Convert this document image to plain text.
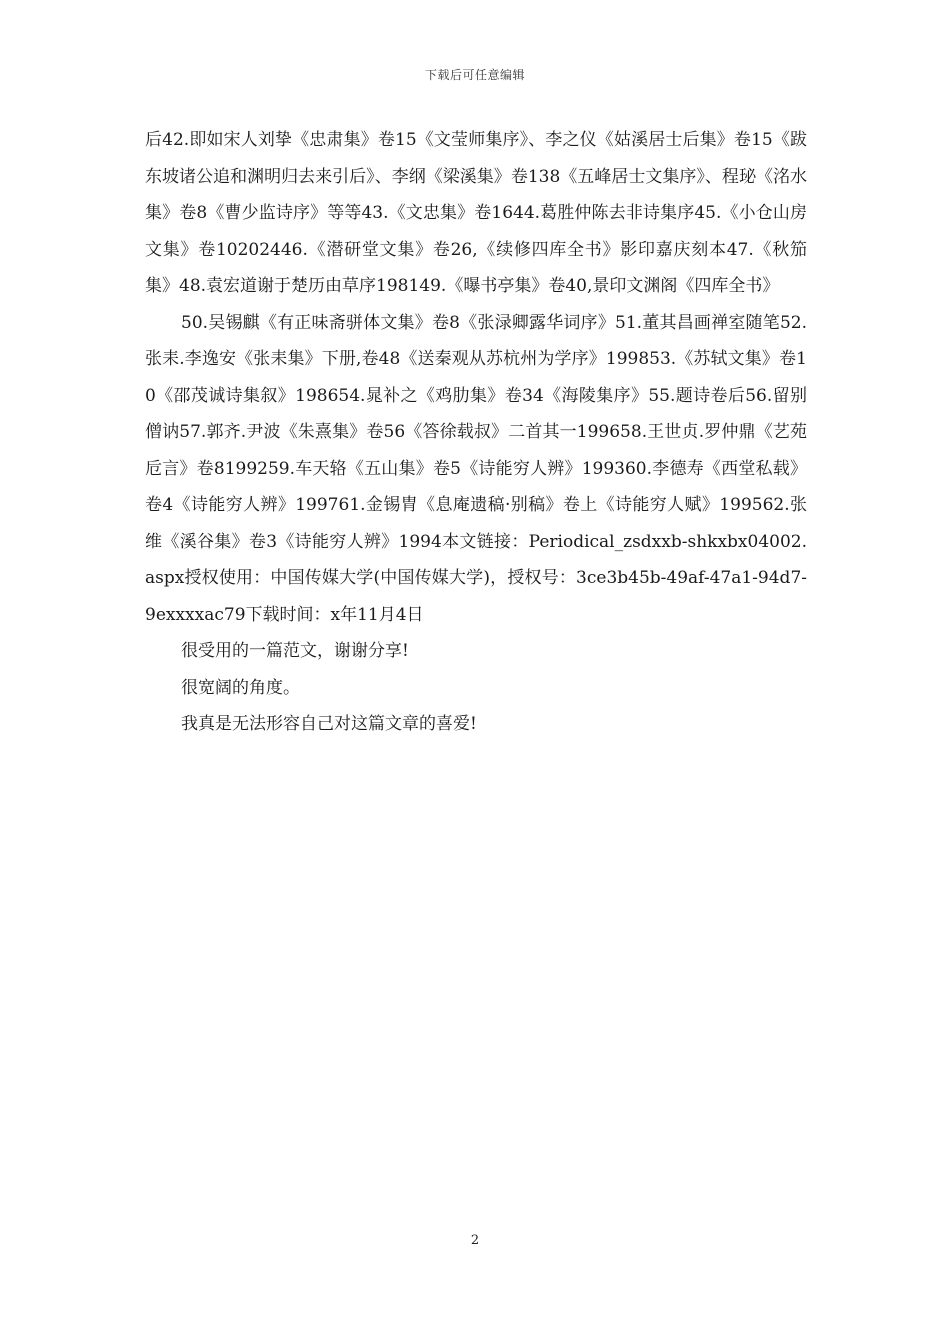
下载后可任意编辑

后42.即如宋人刘挚《忠肃集》卷15《文莹师集序》、李之仪《姑溪居士后集》卷15《跋东坡诸公追和渊明归去来引后》、李纲《梁溪集》卷138《五峰居士文集序》、程珌《洺水集》卷8《曹少监诗序》等等43.《文忠集》卷1644.葛胜仲陈去非诗集序45.《小仓山房文集》卷10202446.《潜研堂文集》卷26,《续修四库全书》影印嘉庆刻本47.《秋笳集》48.袁宏道谢于楚历由草序198149.《曝书亭集》卷40,景印文渊阁《四库全书》

50.吴锡麒《有正味斋骈体文集》卷8《张渌卿露华词序》51.董其昌画禅室随笔52.张耒.李逸安《张耒集》下册,卷48《送秦观从苏杭州为学序》199853.《苏轼文集》卷10《邵茂诚诗集叙》198654.晁补之《鸡肋集》卷34《海陵集序》55.题诗卷后56.留别僧讷57.郭齐.尹波《朱熹集》卷56《答徐载叔》二首其一199658.王世贞.罗仲鼎《艺苑卮言》卷8199259.车天辂《五山集》卷5《诗能穷人辨》199360.李德寿《西堂私载》卷4《诗能穷人辨》199761.金锡胄《息庵遗稿·别稿》卷上《诗能穷人赋》199562.张维《溪谷集》卷3《诗能穷人辨》1994本文链接：Periodical_zsdxxb-shkxbx04002.aspx授权使用：中国传媒大学(中国传媒大学)，授权号：3ce3b45b-49af-47a1-94d7-9exxxxac79下载时间：x年11月4日

很受用的一篇范文，谢谢分享!

很宽阔的角度。

我真是无法形容自己对这篇文章的喜爱!

2
